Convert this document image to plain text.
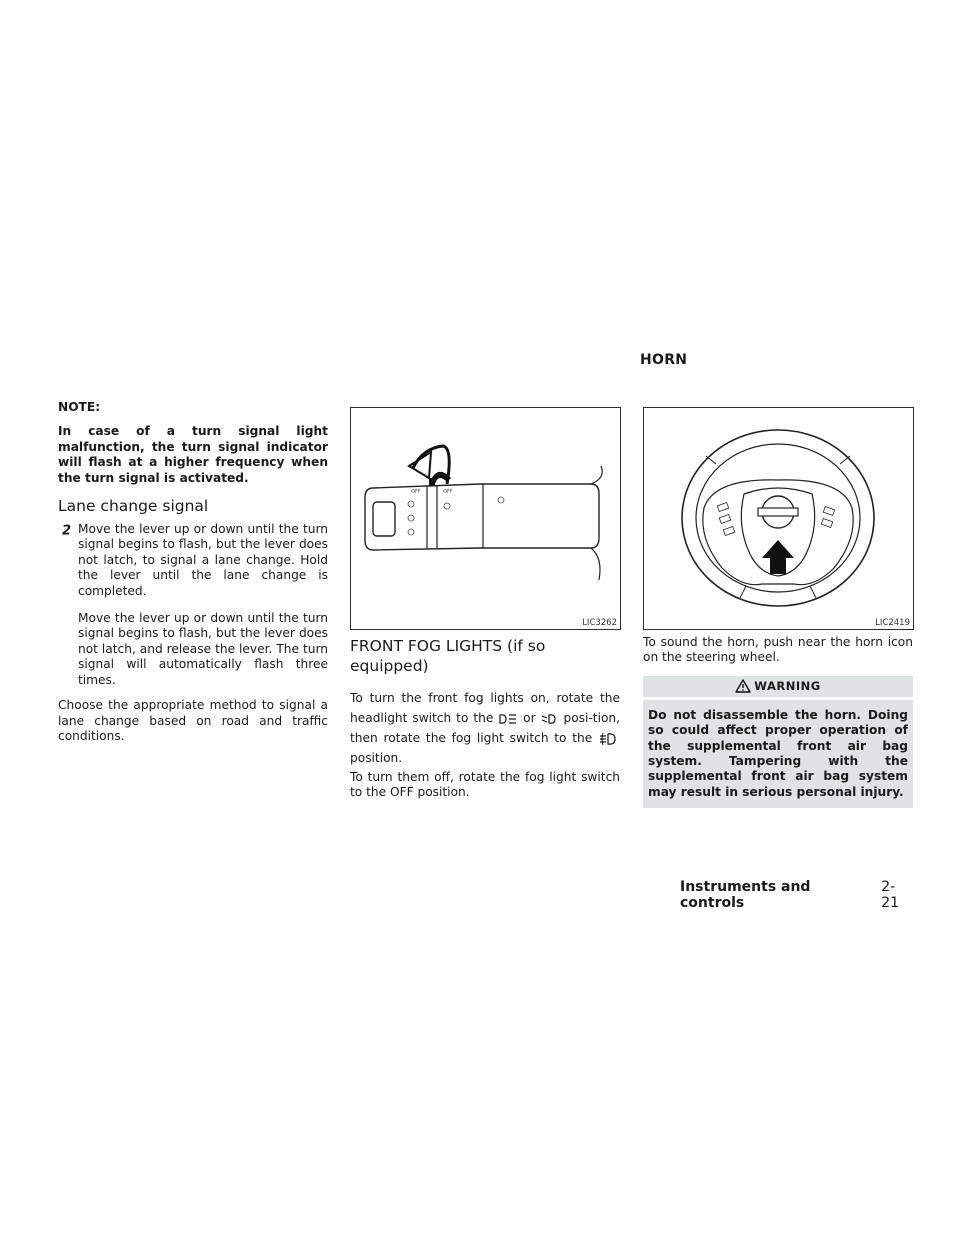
NOTE:

In case of a turn signal light malfunction, the turn signal indicator will flash at a higher frequency when the turn signal is activated.

Lane change signal
2 Move the lever up or down until the turn signal begins to flash, but the lever does not latch, to signal a lane change. Hold the lever until the lane change is completed.

Move the lever up or down until the turn signal begins to flash, but the lever does not latch, and release the lever. The turn signal will automatically flash three times.

Choose the appropriate method to signal a lane change based on road and traffic conditions.

OFF	OFF
LIC3262
FRONT FOG LIGHTS (if so equipped)

To turn the front fog lights on, rotate the headlight switch to the or posi-tion, then rotate the fog light switch to the  position.

To turn them off, rotate the fog light switch to the OFF position.

HORN
LIC2419

To sound the horn, push near the horn icon on the steering wheel.

WARNING
Do not disassemble the horn. Doing so could affect proper operation of the supplemental front air bag system. Tampering with the supplemental front air bag system may result in serious personal injury.
Instruments and controls
2-21
